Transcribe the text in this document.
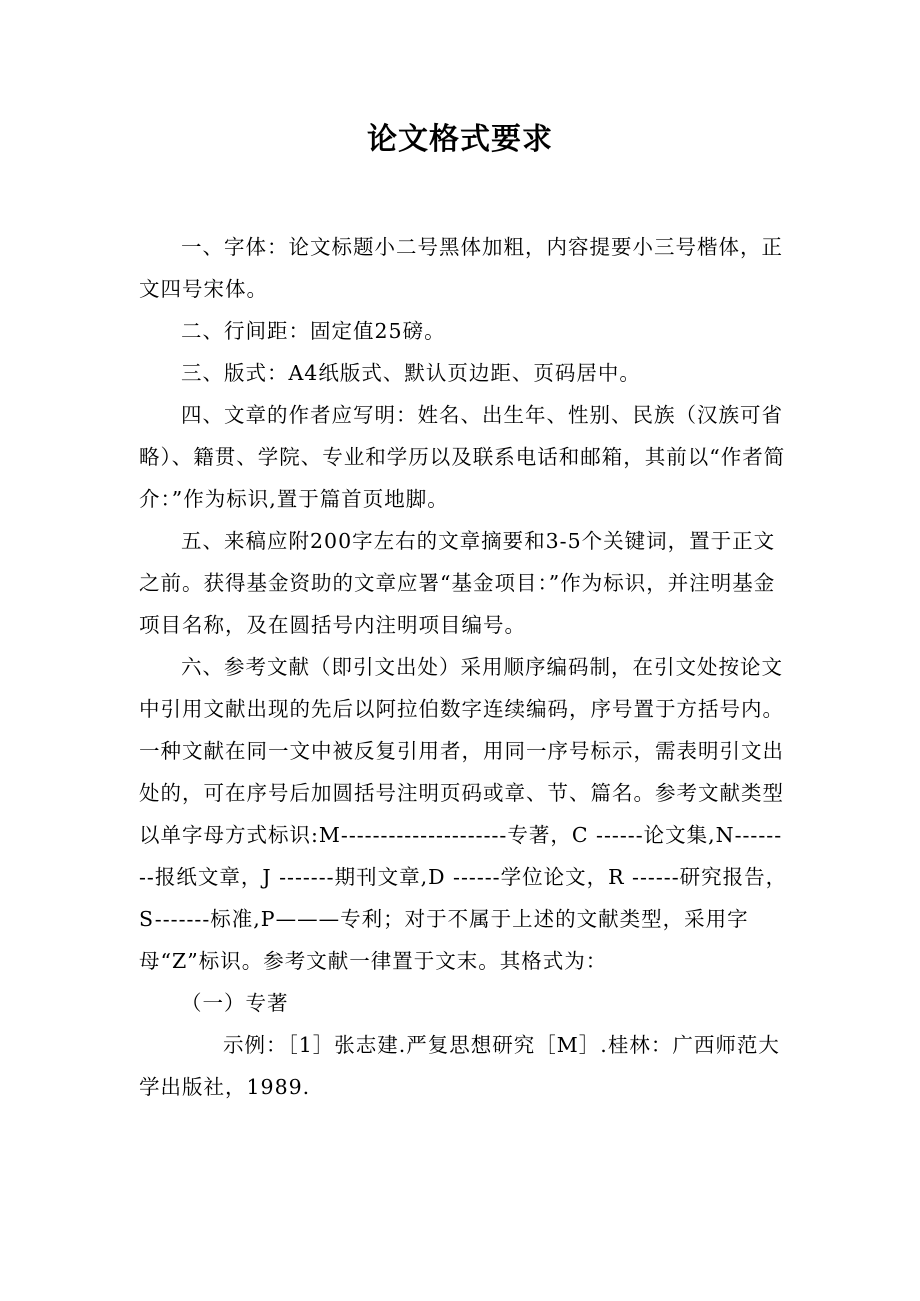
论文格式要求

一、字体：论文标题小二号黑体加粗，内容提要小三号楷体，正文四号宋体。

二、行间距：固定值25磅。

三、版式：A4纸版式、默认页边距、页码居中。

四、文章的作者应写明：姓名、出生年、性别、民族（汉族可省略）、籍贯、学院、专业和学历以及联系电话和邮箱，其前以“作者简介：”作为标识,置于篇首页地脚。

五、来稿应附200字左右的文章摘要和3-5个关键词，置于正文之前。获得基金资助的文章应署“基金项目：”作为标识，并注明基金项目名称，及在圆括号内注明项目编号。

六、参考文献（即引文出处）采用顺序编码制，在引文处按论文中引用文献出现的先后以阿拉伯数字连续编码，序号置于方括号内。一种文献在同一文中被反复引用者，用同一序号标示，需表明引文出处的，可在序号后加圆括号注明页码或章、节、篇名。参考文献类型以单字母方式标识:M---------------------专著，C ------论文集,N--------报纸文章，J -------期刊文章,D ------学位论文，R ------研究报告，S-------标准,P———专利；对于不属于上述的文献类型，采用字母“Z”标识。参考文献一律置于文末。其格式为：

（一）专著

示例：［1］张志建.严复思想研究［M］.桂林：广西师范大学出版社，1989.
